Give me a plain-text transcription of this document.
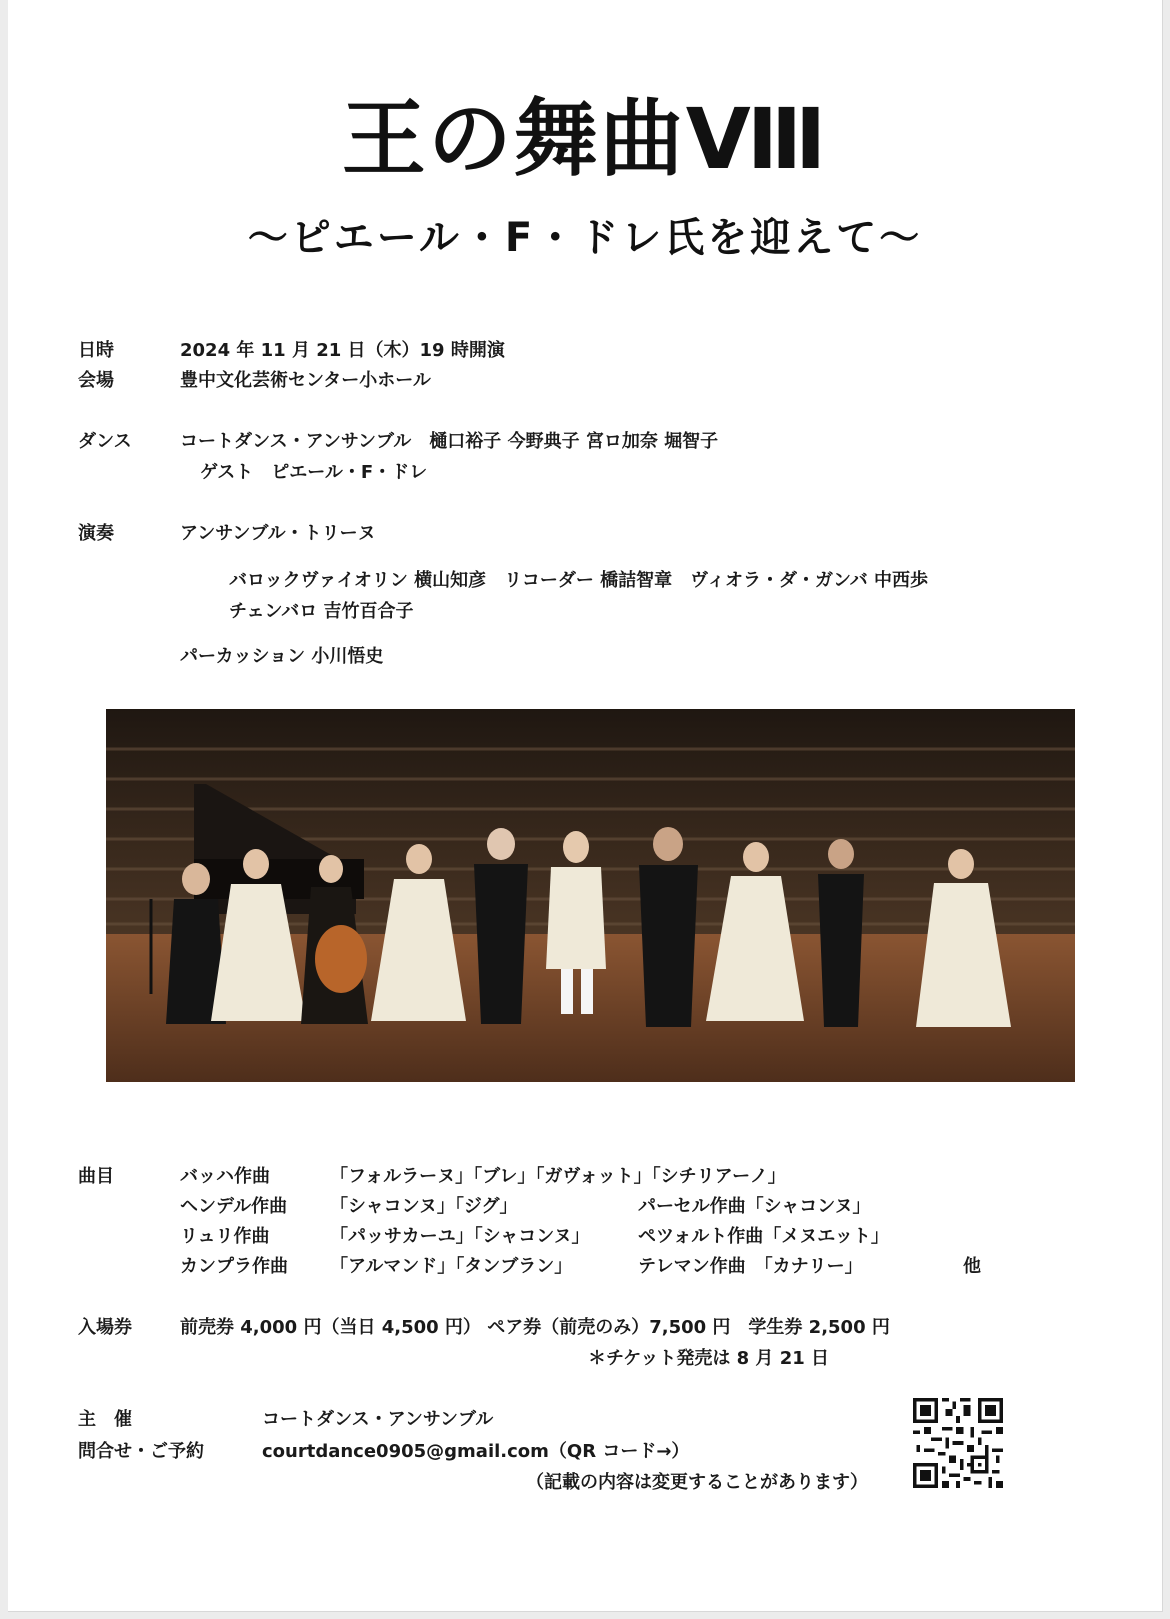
王の舞曲Ⅷ
〜ピエール・F・ドレ氏を迎えて〜
日時	2024 年 11 月 21 日（木）19 時開演
会場	豊中文化芸術センター小ホール
ダンス	コートダンス・アンサンブル　樋口裕子 今野典子 宮ロ加奈 堀智子
ゲスト　ピエール・F・ドレ
演奏	アンサンブル・トリーヌ
バロックヴァイオリン 横山知彦　リコーダー 橋詰智章　ヴィオラ・ダ・ガンバ 中西歩
チェンバロ 吉竹百合子
パーカッション 小川悟史
曲目	バッハ作曲	「フォルラーヌ」「ブレ」「ガヴォット」「シチリアーノ」
ヘンデル作曲 「シャコンヌ」「ジグ」	パーセル作曲「シャコンヌ」
リュリ作曲	「パッサカーユ」「シャコンヌ」	ペツォルト作曲「メヌエット」
カンプラ作曲 「アルマンド」「タンブラン」	テレマン作曲　「カナリー」	他
入場券	前売券 4,000 円（当日 4,500 円） ペア券（前売のみ）7,500 円　学生券 2,500 円
＊チケット発売は 8 月 21 日
主　催	コートダンス・アンサンブル
問合せ・ご予約	courtdance0905@gmail.com（QR コード→）
（記載の内容は変更することがあります）
